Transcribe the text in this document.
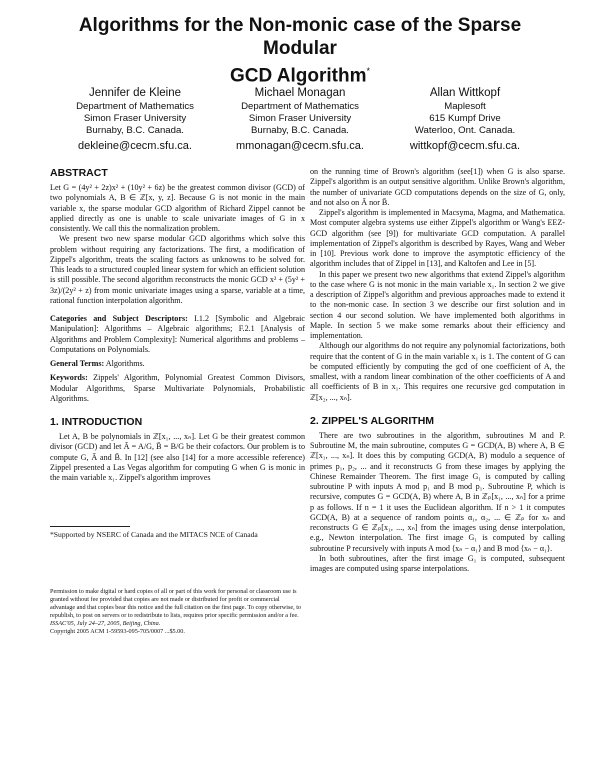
Algorithms for the Non-monic case of the Sparse Modular
GCD Algorithm*
Jennifer de Kleine
Department of Mathematics
Simon Fraser University
Burnaby, B.C. Canada.
dekleine@cecm.sfu.ca.
Michael Monagan
Department of Mathematics
Simon Fraser University
Burnaby, B.C. Canada.
mmonagan@cecm.sfu.ca.
Allan Wittkopf
Maplesoft
615 Kumpf Drive
Waterloo, Ont. Canada.
wittkopf@cecm.sfu.ca.
ABSTRACT

Let G = (4y² + 2z)x² + (10y² + 6z) be the greatest common divisor (GCD) of two polynomials A, B ∈ ℤ[x, y, z]. Because G is not monic in the main variable x, the sparse modular GCD algorithm of Richard Zippel cannot be applied directly as one is unable to scale univariate images of G in x consistently. We call this the normalization problem.

We present two new sparse modular GCD algorithms which solve this problem without requiring any factorizations. The first, a modification of Zippel's algorithm, treats the scaling factors as unknowns to be solved for. This leads to a structured coupled linear system for which an efficient solution is still possible. The second algorithm reconstructs the monic GCD x² + (5y² + 3z)/(2y² + z) from monic univariate images using a sparse, variable at a time, rational function interpolation algorithm.

Categories and Subject Descriptors: I.1.2 [Symbolic and Algebraic Manipulation]: Algorithms – Algebraic algorithms; F.2.1 [Analysis of Algorithms and Problem Complexity]: Numerical algorithms and problems – Computations on Polynomials.

General Terms: Algorithms.

Keywords: Zippels' Algorithm, Polynomial Greatest Common Divisors, Modular Algorithms, Sparse Multivariate Polynomials, Probabilistic Algorithms.

1. INTRODUCTION

Let A, B be polynomials in ℤ[x₁, ..., xₙ]. Let G be their greatest common divisor (GCD) and let Ā = A/G, B̄ = B/G be their cofactors. Our problem is to compute G, Ā and B̄. In [12] (see also [14] for a more accessible reference) Zippel presented a Las Vegas algorithm for computing G when G is monic in the main variable x₁. Zippel's algorithm improves

*Supported by NSERC of Canada and the MITACS NCE of Canada

Permission to make digital or hard copies of all or part of this work for personal or classroom use is granted without fee provided that copies are not made or distributed for profit or commercial advantage and that copies bear this notice and the full citation on the first page. To copy otherwise, to republish, to post on servers or to redistribute to lists, requires prior specific permission and/or a fee.

ISSAC'05, July 24–27, 2005, Beijing, China.

Copyright 2005 ACM 1-59593-095-705/0007 ...$5.00.

on the running time of Brown's algorithm (see[1]) when G is also sparse. Zippel's algorithm is an output sensitive algorithm. Unlike Brown's algorithm, the number of univariate GCD computations depends on the size of G, only, and not also on Ā nor B̄.

Zippel's algorithm is implemented in Macsyma, Magma, and Mathematica. Most computer algebra systems use either Zippel's algorithm or Wang's EEZ-GCD algorithm (see [9]) for multivariate GCD computation. A parallel implementation of Zippel's algorithm is described by Rayes, Wang and Weber in [10]. Previous work done to improve the asymptotic efficiency of the algorithm includes that of Zippel in [13], and Kaltofen and Lee in [5].

In this paper we present two new algorithms that extend Zippel's algorithm to the case where G is not monic in the main variable x₁. In section 2 we give a description of Zippel's algorithm and previous approaches made to extend it to the non-monic case. In section 3 we describe our first solution and in section 4 our second solution. We have implemented both algorithms in Maple. In section 5 we make some remarks about their efficiency and implementation.

Although our algorithms do not require any polynomial factorizations, both require that the content of G in the main variable x₁ is 1. The content of G can be computed efficiently by computing the gcd of one coefficient of A, the smallest, with a random linear combination of the other coefficients of A and all coefficients of B in x₁. This requires one recursive gcd computation in ℤ[x₂, ..., xₙ].

2. ZIPPEL'S ALGORITHM

There are two subroutines in the algorithm, subroutines M and P. Subroutine M, the main subroutine, computes G = GCD(A, B) where A, B ∈ ℤ[x₁, ..., xₙ]. It does this by computing GCD(A, B) modulo a sequence of primes p₁, p₂, ... and it reconstructs G from these images by applying the Chinese Remainder Theorem. The first image G₁ is computed by calling subroutine P with inputs A mod p₁ and B mod p₁. Subroutine P, which is recursive, computes G = GCD(A, B) where A, B in ℤₚ[x₁, ..., xₙ] for a prime p as follows. If n = 1 it uses the Euclidean algorithm. If n > 1 it computes GCD(A, B) at a sequence of random points α₁, α₂, ... ∈ ℤₚ for xₙ and reconstructs G ∈ ℤₚ[x₁, ..., xₙ] from the images using dense interpolation, e.g., Newton interpolation. The first image G₁ is computed by calling subroutine P recursively with inputs A mod ⟨xₙ − α₁⟩ and B mod ⟨xₙ − α₁⟩.

In both subroutines, after the first image G₁ is computed, subsequent images are computed using sparse interpolations.
